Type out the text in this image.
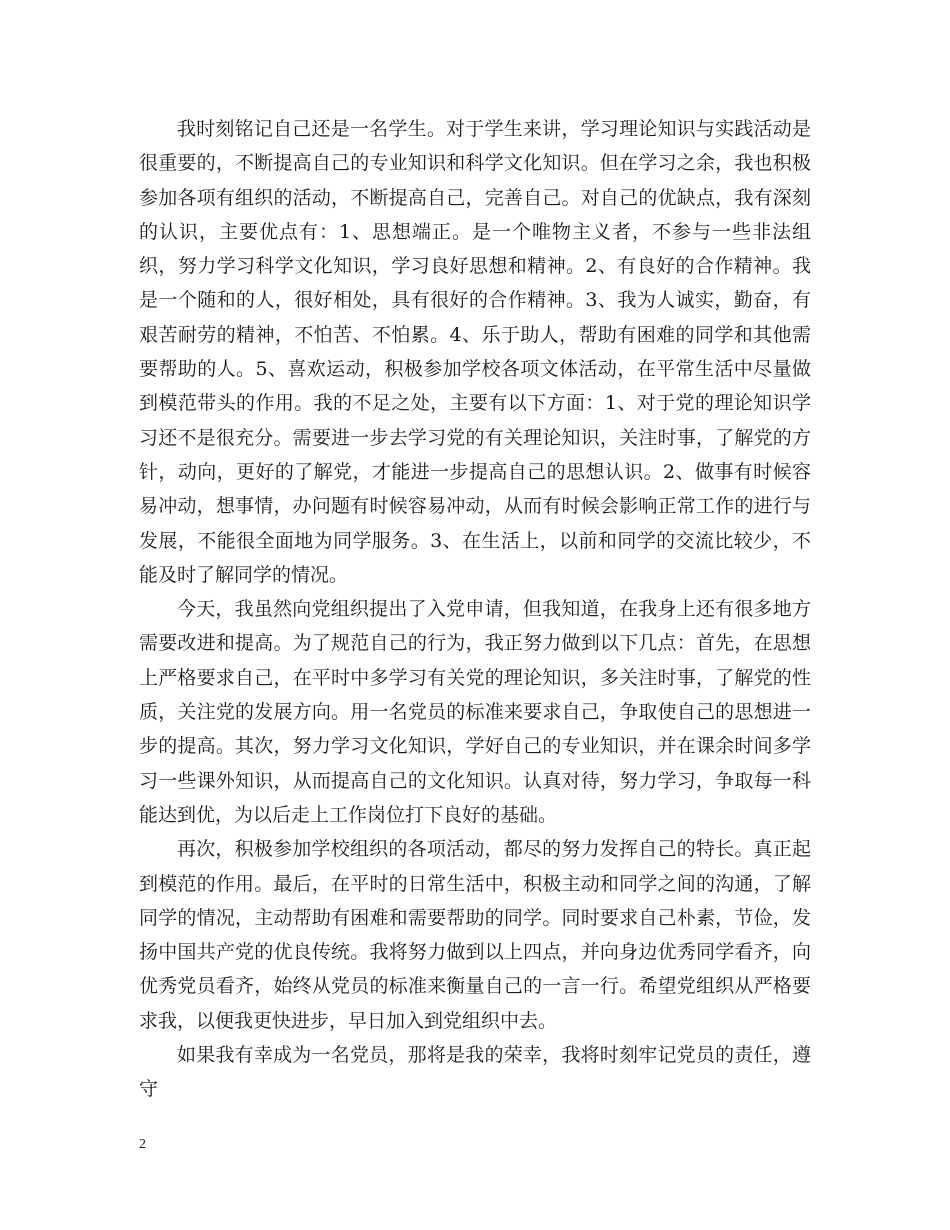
我时刻铭记自己还是一名学生。对于学生来讲，学习理论知识与实践活动是很重要的，不断提高自己的专业知识和科学文化知识。但在学习之余，我也积极参加各项有组织的活动，不断提高自己，完善自己。对自己的优缺点，我有深刻的认识，主要优点有：1、思想端正。是一个唯物主义者，不参与一些非法组织，努力学习科学文化知识，学习良好思想和精神。2、有良好的合作精神。我是一个随和的人，很好相处，具有很好的合作精神。3、我为人诚实，勤奋，有艰苦耐劳的精神，不怕苦、不怕累。4、乐于助人，帮助有困难的同学和其他需要帮助的人。5、喜欢运动，积极参加学校各项文体活动，在平常生活中尽量做到模范带头的作用。我的不足之处，主要有以下方面：1、对于党的理论知识学习还不是很充分。需要进一步去学习党的有关理论知识，关注时事，了解党的方针，动向，更好的了解党，才能进一步提高自己的思想认识。2、做事有时候容易冲动，想事情，办问题有时候容易冲动，从而有时候会影响正常工作的进行与发展，不能很全面地为同学服务。3、在生活上，以前和同学的交流比较少，不能及时了解同学的情况。

今天，我虽然向党组织提出了入党申请，但我知道，在我身上还有很多地方需要改进和提高。为了规范自己的行为，我正努力做到以下几点：首先，在思想上严格要求自己，在平时中多学习有关党的理论知识，多关注时事，了解党的性质，关注党的发展方向。用一名党员的标准来要求自己，争取使自己的思想进一步的提高。其次，努力学习文化知识，学好自己的专业知识，并在课余时间多学习一些课外知识，从而提高自己的文化知识。认真对待，努力学习，争取每一科能达到优，为以后走上工作岗位打下良好的基础。

再次，积极参加学校组织的各项活动，都尽的努力发挥自己的特长。真正起到模范的作用。最后，在平时的日常生活中，积极主动和同学之间的沟通，了解同学的情况，主动帮助有困难和需要帮助的同学。同时要求自己朴素，节俭，发扬中国共产党的优良传统。我将努力做到以上四点，并向身边优秀同学看齐，向优秀党员看齐，始终从党员的标准来衡量自己的一言一行。希望党组织从严格要求我，以便我更快进步，早日加入到党组织中去。

如果我有幸成为一名党员，那将是我的荣幸，我将时刻牢记党员的责任，遵守

2
